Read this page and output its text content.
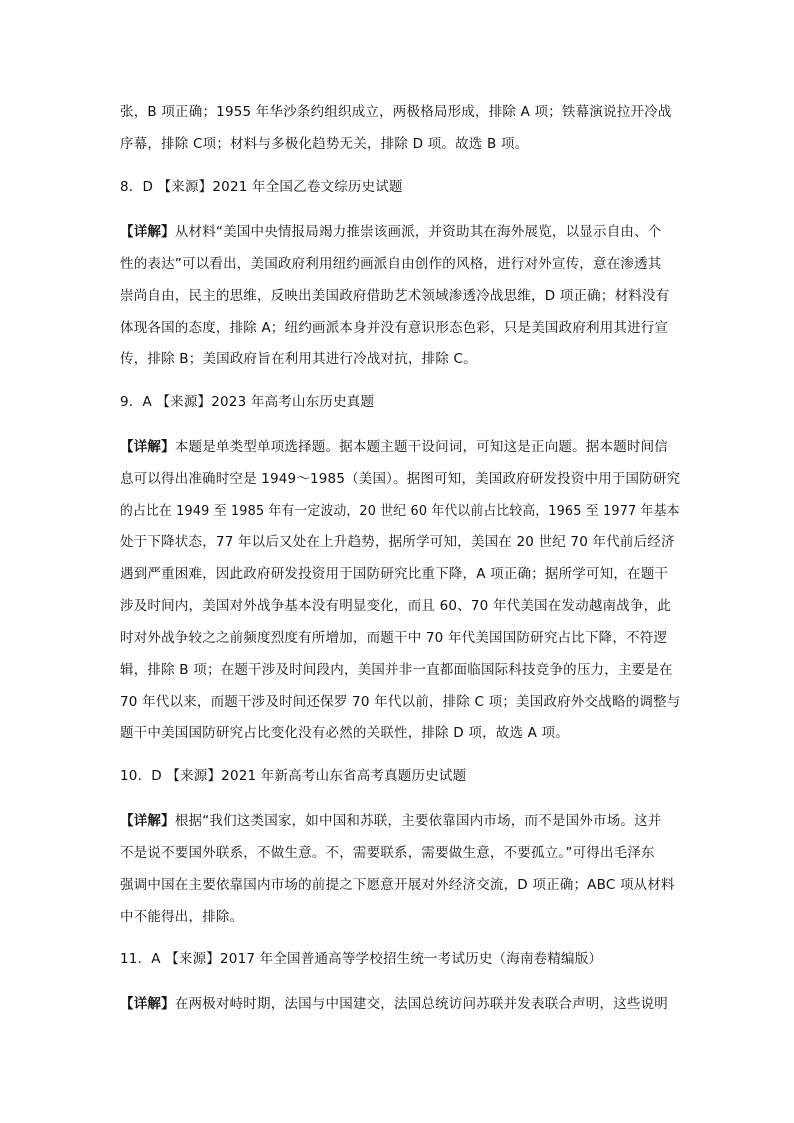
张，B 项正确；1955 年华沙条约组织成立，两极格局形成，排除 A 项；铁幕演说拉开冷战
序幕，排除 C项；材料与多极化趋势无关，排除 D 项。故选 B 项。
8．D 【来源】2021 年全国乙卷文综历史试题
【详解】从材料“美国中央情报局竭力推崇该画派，并资助其在海外展览，以显示自由、个
性的表达”可以看出，美国政府利用纽约画派自由创作的风格，进行对外宣传，意在渗透其
崇尚自由，民主的思维，反映出美国政府借助艺术领域渗透冷战思维，D 项正确；材料没有
体现各国的态度，排除 A；纽约画派本身并没有意识形态色彩，只是美国政府利用其进行宣
传，排除 B；美国政府旨在利用其进行冷战对抗，排除 C。
9．A 【来源】2023 年高考山东历史真题
【详解】本题是单类型单项选择题。据本题主题干设问词，可知这是正向题。据本题时间信
息可以得出准确时空是 1949～1985（美国）。据图可知，美国政府研发投资中用于国防研究
的占比在 1949 至 1985 年有一定波动，20 世纪 60 年代以前占比较高，1965 至 1977 年基本
处于下降状态，77 年以后又处在上升趋势，据所学可知，美国在 20 世纪 70 年代前后经济
遇到严重困难，因此政府研发投资用于国防研究比重下降，A 项正确；据所学可知，在题干
涉及时间内，美国对外战争基本没有明显变化，而且 60、70 年代美国在发动越南战争，此
时对外战争较之之前频度烈度有所增加，而题干中 70 年代美国国防研究占比下降，不符逻
辑，排除 B 项；在题干涉及时间段内，美国并非一直都面临国际科技竞争的压力，主要是在
70 年代以来，而题干涉及时间还保罗 70 年代以前，排除 C 项；美国政府外交战略的调整与
题干中美国国防研究占比变化没有必然的关联性，排除 D 项，故选 A 项。
10．D 【来源】2021 年新高考山东省高考真题历史试题
【详解】根据“我们这类国家，如中国和苏联，主要依靠国内市场，而不是国外市场。这并
不是说不要国外联系，不做生意。不，需要联系，需要做生意，不要孤立。”可得出毛泽东
强调中国在主要依靠国内市场的前提之下愿意开展对外经济交流，D 项正确；ABC 项从材料
中不能得出，排除。
11．A 【来源】2017 年全国普通高等学校招生统一考试历史（海南卷精编版）
【详解】在两极对峙时期，法国与中国建交，法国总统访问苏联并发表联合声明，这些说明
